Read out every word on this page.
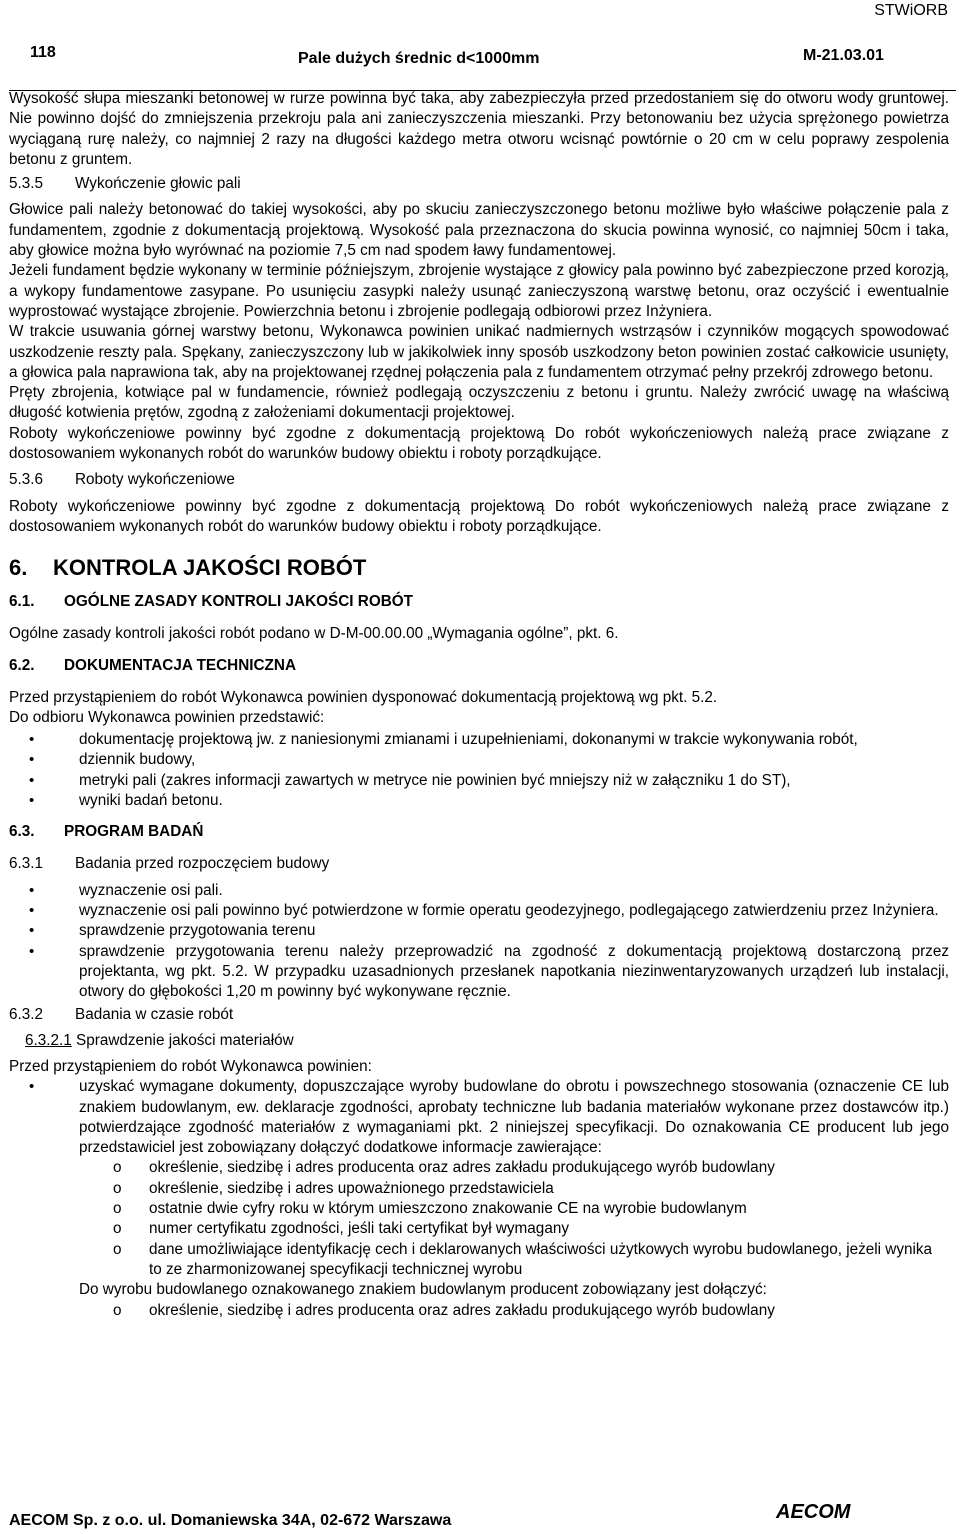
STWiORB
118	Pale dużych średnic d<1000mm	M-21.03.01

Wysokość słupa mieszanki betonowej w rurze powinna być taka, aby zabezpieczyła przed przedostaniem się do otworu wody gruntowej. Nie powinno dojść do zmniejszenia przekroju pala ani zanieczyszczenia mieszanki. Przy betonowaniu bez użycia sprężonego powietrza wyciąganą rurę należy, co najmniej 2 razy na długości każdego metra otworu wcisnąć powtórnie o 20 cm w celu poprawy zespolenia betonu z gruntem.

5.3.5 Wykończenie głowic pali

Głowice pali należy betonować do takiej wysokości, aby po skuciu zanieczyszczonego betonu możliwe było właściwe połączenie pala z fundamentem, zgodnie z dokumentacją projektową. Wysokość pala przeznaczona do skucia powinna wynosić, co najmniej 50cm i taka, aby głowice można było wyrównać na poziomie 7,5 cm nad spodem ławy fundamentowej.

Jeżeli fundament będzie wykonany w terminie późniejszym, zbrojenie wystające z głowicy pala powinno być zabezpieczone przed korozją, a wykopy fundamentowe zasypane. Po usunięciu zasypki należy usunąć zanieczyszoną warstwę betonu, oraz oczyścić i ewentualnie wyprostować wystające zbrojenie. Powierzchnia betonu i zbrojenie podlegają odbiorowi przez Inżyniera.

W trakcie usuwania górnej warstwy betonu, Wykonawca powinien unikać nadmiernych wstrząsów i czynników mogących spowodować uszkodzenie reszty pala. Spękany, zanieczyszczony lub w jakikolwiek inny sposób uszkodzony beton powinien zostać całkowicie usunięty, a głowica pala naprawiona tak, aby na projektowanej rzędnej połączenia pala z fundamentem otrzymać pełny przekrój zdrowego betonu.

Pręty zbrojenia, kotwiące pal w fundamencie, również podlegają oczyszczeniu z betonu i gruntu. Należy zwrócić uwagę na właściwą długość kotwienia prętów, zgodną z założeniami dokumentacji projektowej.

Roboty wykończeniowe powinny być zgodne z dokumentacją projektową Do robót wykończeniowych należą prace związane z dostosowaniem wykonanych robót do warunków budowy obiektu i roboty porządkujące.

5.3.6 Roboty wykończeniowe

Roboty wykończeniowe powinny być zgodne z dokumentacją projektową Do robót wykończeniowych należą prace związane z dostosowaniem wykonanych robót do warunków budowy obiektu i roboty porządkujące.

6. KONTROLA JAKOŚCI ROBÓT
6.1. OGÓLNE ZASADY KONTROLI JAKOŚCI ROBÓT

Ogólne zasady kontroli jakości robót podano w D-M-00.00.00 „Wymagania ogólne”, pkt. 6.

6.2. DOKUMENTACJA TECHNICZNA

Przed przystąpieniem do robót Wykonawca powinien dysponować dokumentacją projektową wg pkt. 5.2.

Do odbioru Wykonawca powinien przedstawić:

• dokumentację projektową jw. z naniesionymi zmianami i uzupełnieniami, dokonanymi w trakcie wykonywania robót,
• dziennik budowy,
• metryki pali (zakres informacji zawartych w metryce nie powinien być mniejszy niż w załączniku 1 do ST),
• wyniki badań betonu.
6.3. PROGRAM BADAŃ

6.3.1 Badania przed rozpoczęciem budowy

• wyznaczenie osi pali.
• wyznaczenie osi pali powinno być potwierdzone w formie operatu geodezyjnego, podlegającego zatwierdzeniu przez Inżyniera.
• sprawdzenie przygotowania terenu
• sprawdzenie przygotowania terenu należy przeprowadzić na zgodność z dokumentacją projektową dostarczoną przez projektanta, wg pkt. 5.2. W przypadku uzasadnionych przesłanek napotkania niezinwentaryzowanych urządzeń lub instalacji, otwory do głębokości 1,20 m powinny być wykonywane ręcznie.

6.3.2 Badania w czasie robót

6.3.2.1 Sprawdzenie jakości materiałów

Przed przystąpieniem do robót Wykonawca powinien:

• uzyskać wymagane dokumenty, dopuszczające wyroby budowlane do obrotu i powszechnego stosowania (oznaczenie CE lub znakiem budowlanym, ew. deklaracje zgodności, aprobaty techniczne lub badania materiałów wykonane przez dostawców itp.) potwierdzające zgodność materiałów z wymaganiami pkt. 2 niniejszej specyfikacji. Do oznakowania CE producent lub jego przedstawiciel jest zobowiązany dołączyć dodatkowe informacje zawierające:
o określenie, siedzibę i adres producenta oraz adres zakładu produkującego wyrób budowlany
o określenie, siedzibę i adres upoważnionego przedstawiciela
o ostatnie dwie cyfry roku w którym umieszczono znakowanie CE na wyrobie budowlanym
o numer certyfikatu zgodności, jeśli taki certyfikat był wymagany
o dane umożliwiające identyfikację cech i deklarowanych właściwości użytkowych wyrobu budowlanego, jeżeli wynika to ze zharmonizowanej specyfikacji technicznej wyrobu

Do wyrobu budowlanego oznakowanego znakiem budowlanym producent zobowiązany jest dołączyć:

o określenie, siedzibę i adres producenta oraz adres zakładu produkującego wyrób budowlany
AECOM Sp. z o.o. ul. Domaniewska 34A, 02-672 Warszawa	AECOM
